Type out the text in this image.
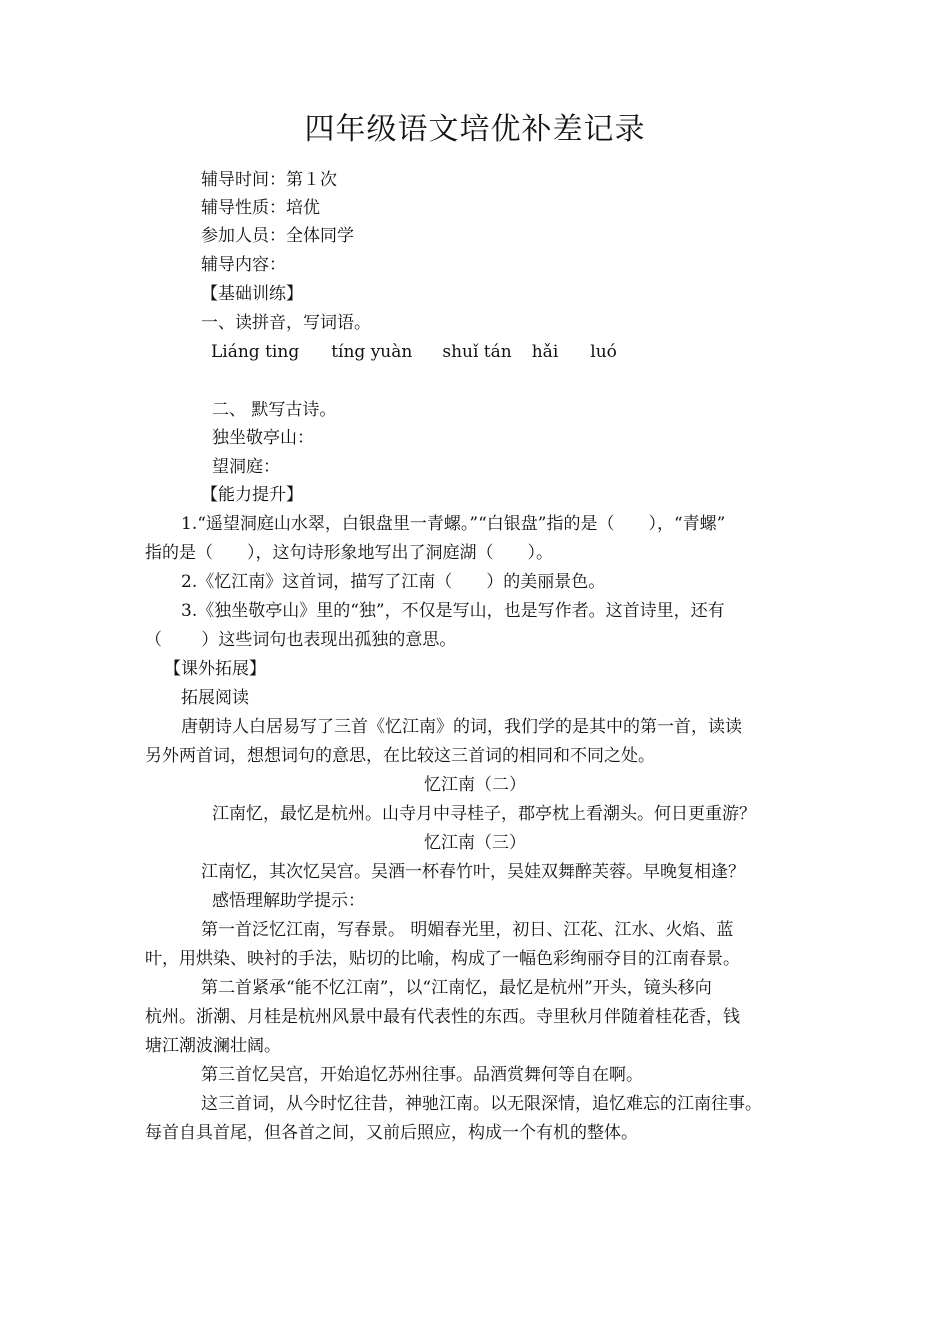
四年级语文培优补差记录
辅导时间：第１次
辅导性质：培优
参加人员：全体同学
辅导内容：
【基础训练】
一、读拼音，写词语。
Liáng ting tíng yuàn shuǐ tán hǎi luó
二、 默写古诗。
独坐敬亭山：
望洞庭：
【能力提升】
1.“遥望洞庭山水翠，白银盘里一青螺。”“白银盘”指的是（　　），“青螺”
指的是（　　），这句诗形象地写出了洞庭湖（　　）。
2.《忆江南》这首词，描写了江南（　　）的美丽景色。
3.《独坐敬亭山》里的“独”，不仅是写山，也是写作者。这首诗里，还有
（　　 ）这些词句也表现出孤独的意思。
【课外拓展】
拓展阅读
唐朝诗人白居易写了三首《忆江南》的词，我们学的是其中的第一首，读读
另外两首词，想想词句的意思，在比较这三首词的相同和不同之处。
忆江南（二）
江南忆，最忆是杭州。山寺月中寻桂子，郡亭枕上看潮头。何日更重游？
忆江南（三）
江南忆，其次忆吴宫。吴酒一杯春竹叶，吴娃双舞醉芙蓉。早晚复相逢？
感悟理解助学提示：
第一首泛忆江南，写春景。 明媚春光里，初日、江花、江水、火焰、蓝
叶，用烘染、映衬的手法，贴切的比喻，构成了一幅色彩绚丽夺目的江南春景。
第二首紧承“能不忆江南”，以“江南忆，最忆是杭州”开头，镜头移向
杭州。浙潮、月桂是杭州风景中最有代表性的东西。寺里秋月伴随着桂花香，钱
塘江潮波澜壮阔。
第三首忆吴宫，开始追忆苏州往事。品酒赏舞何等自在啊。
这三首词，从今时忆往昔，神驰江南。以无限深情，追忆难忘的江南往事。
每首自具首尾，但各首之间，又前后照应，构成一个有机的整体。
